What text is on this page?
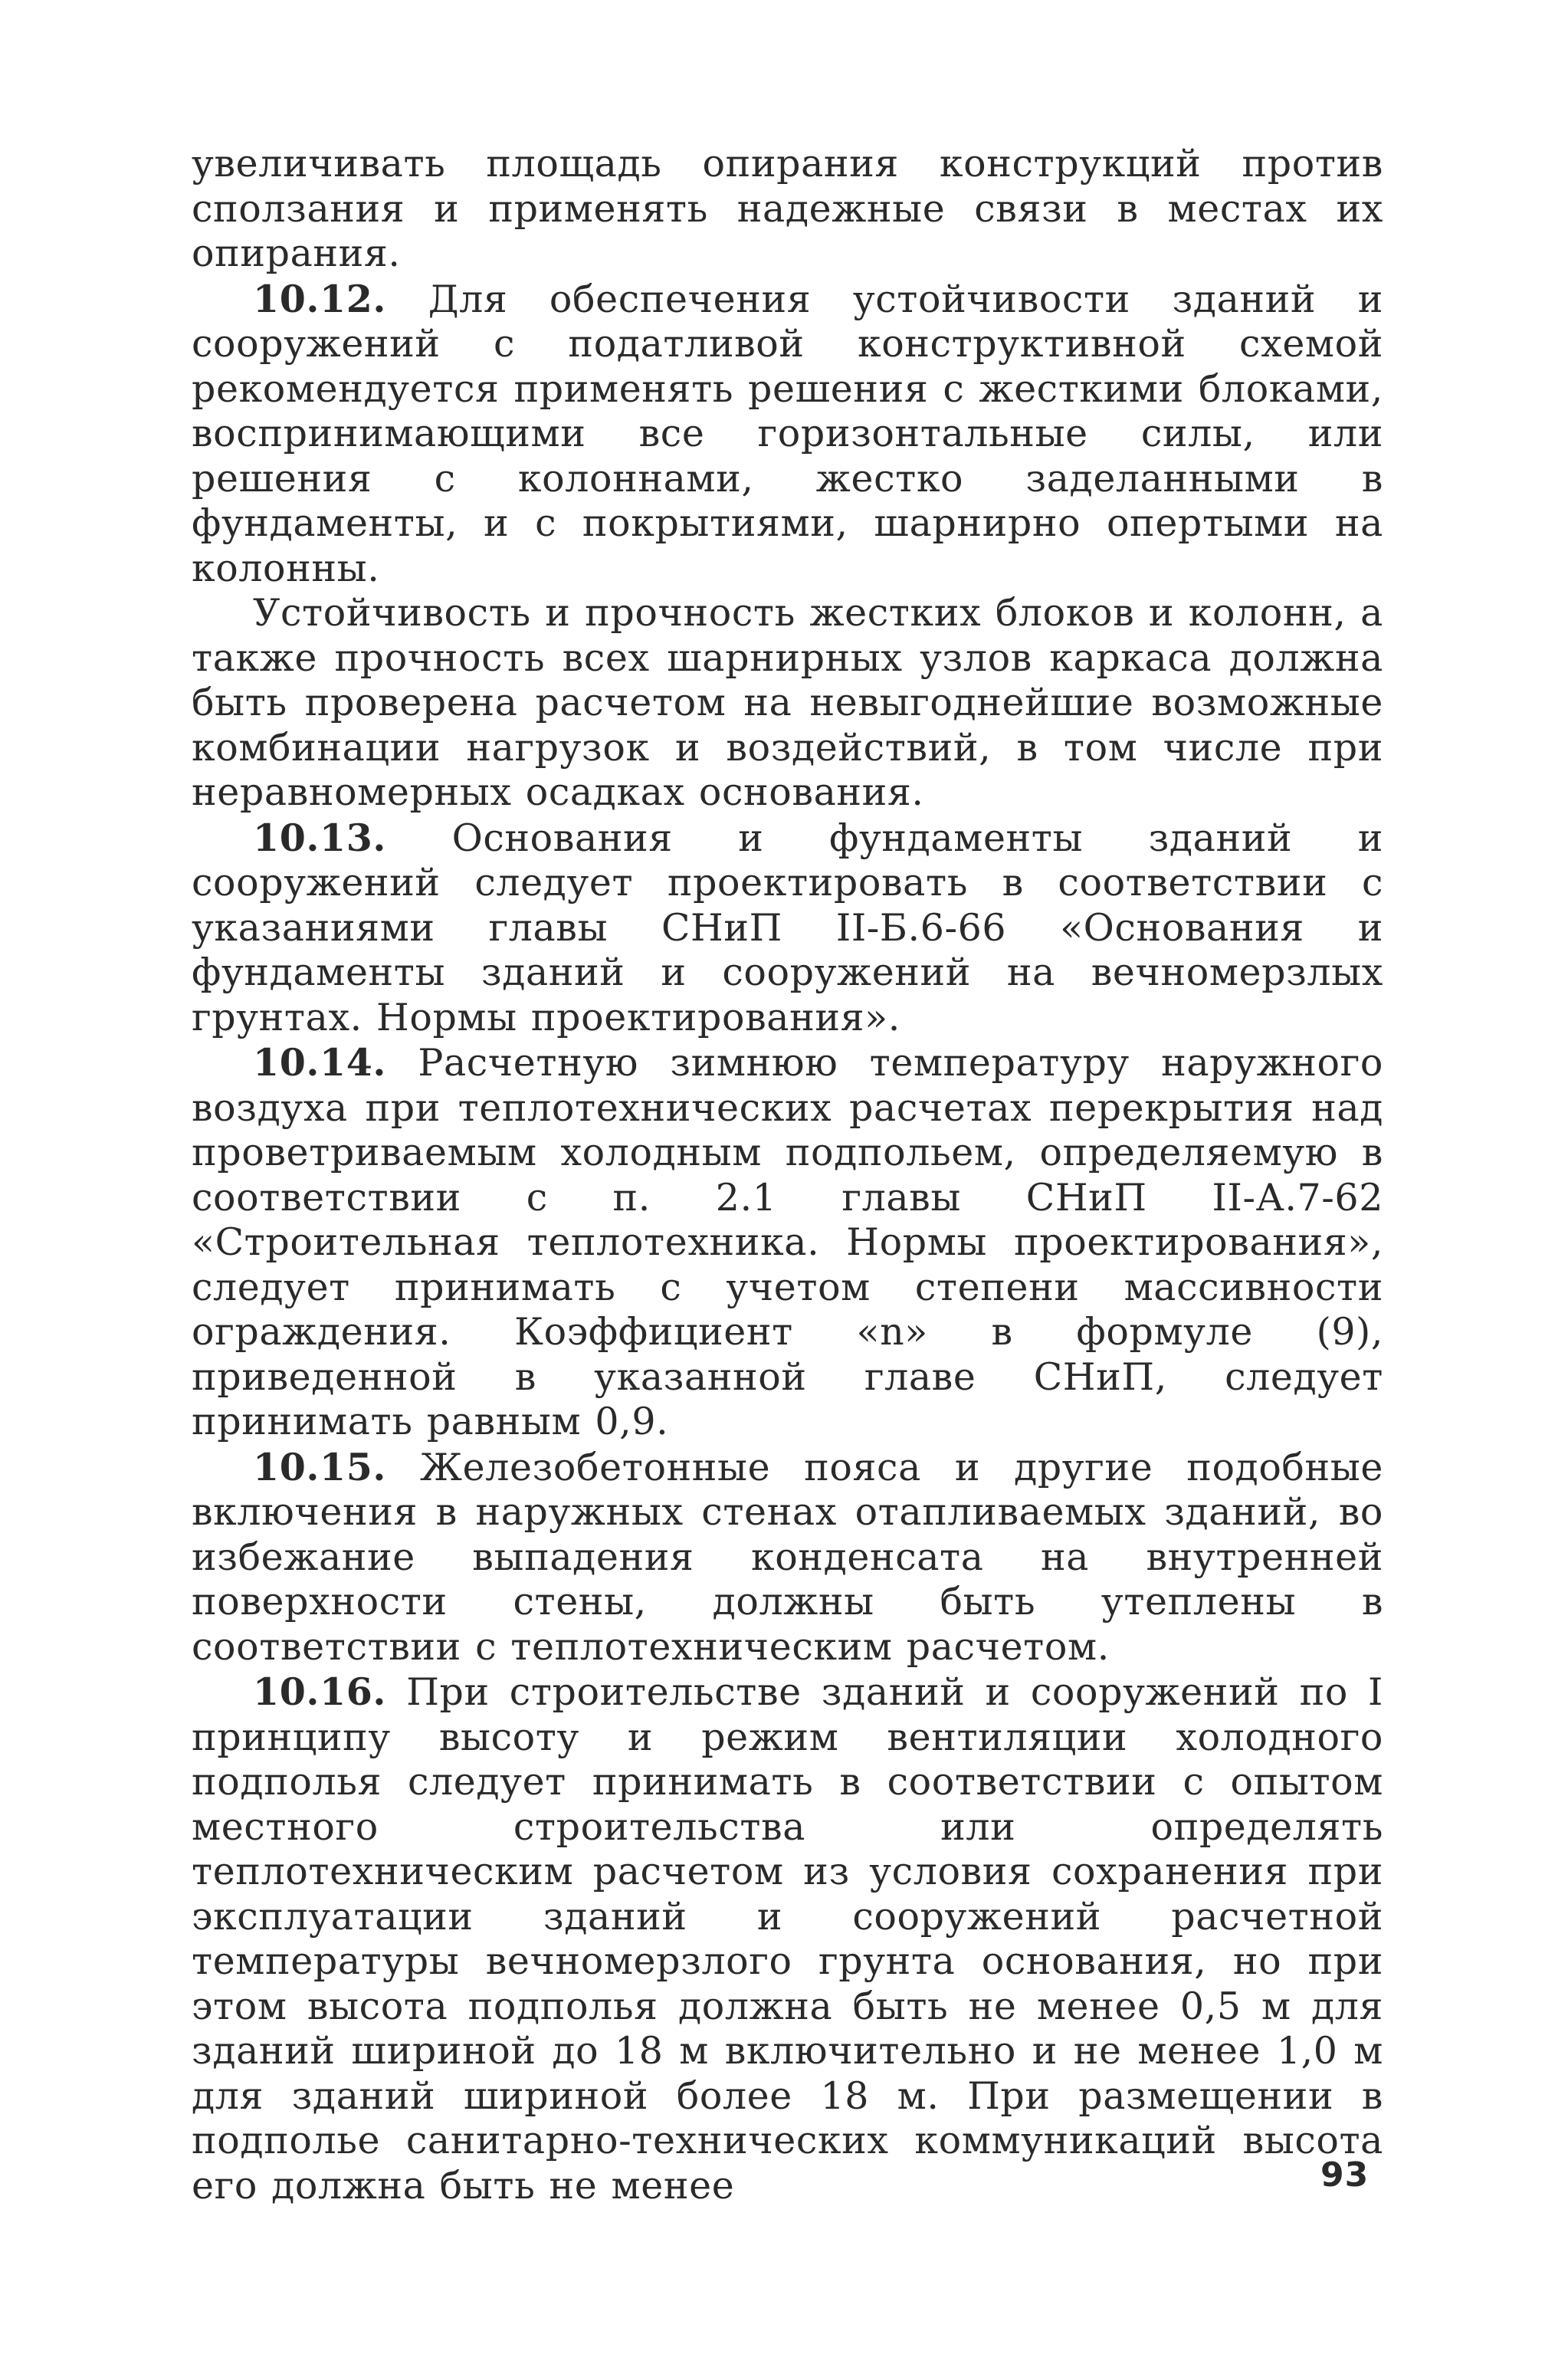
увеличивать площадь опирания конструкций против сползания и применять надежные связи в местах их опирания.

10.12. Для обеспечения устойчивости зданий и сооружений с податливой конструктивной схемой рекомендуется применять решения с жесткими блоками, воспринимающими все горизонтальные силы, или решения с колоннами, жестко заделанными в фундаменты, и с покрытиями, шарнирно опертыми на колонны.

Устойчивость и прочность жестких блоков и колонн, а также прочность всех шарнирных узлов каркаса должна быть проверена расчетом на невыгоднейшие возможные комбинации нагрузок и воздействий, в том числе при неравномерных осадках основания.

10.13. Основания и фундаменты зданий и сооружений следует проектировать в соответствии с указаниями главы СНиП II-Б.6-66 «Основания и фундаменты зданий и сооружений на вечномерзлых грунтах. Нормы проектирования».

10.14. Расчетную зимнюю температуру наружного воздуха при теплотехнических расчетах перекрытия над проветриваемым холодным подпольем, определяемую в соответствии с п. 2.1 главы СНиП II-А.7-62 «Строительная теплотехника. Нормы проектирования», следует принимать с учетом степени массивности ограждения. Коэффициент «n» в формуле (9), приведенной в указанной главе СНиП, следует принимать равным 0,9.

10.15. Железобетонные пояса и другие подобные включения в наружных стенах отапливаемых зданий, во избежание выпадения конденсата на внутренней поверхности стены, должны быть утеплены в соответствии с теплотехническим расчетом.

10.16. При строительстве зданий и сооружений по I принципу высоту и режим вентиляции холодного подполья следует принимать в соответствии с опытом местного строительства или определять теплотехническим расчетом из условия сохранения при эксплуатации зданий и сооружений расчетной температуры вечномерзлого грунта основания, но при этом высота подполья должна быть не менее 0,5 м для зданий шириной до 18 м включительно и не менее 1,0 м для зданий шириной более 18 м. При размещении в подполье санитарно-технических коммуникаций высота его должна быть не менее	93
